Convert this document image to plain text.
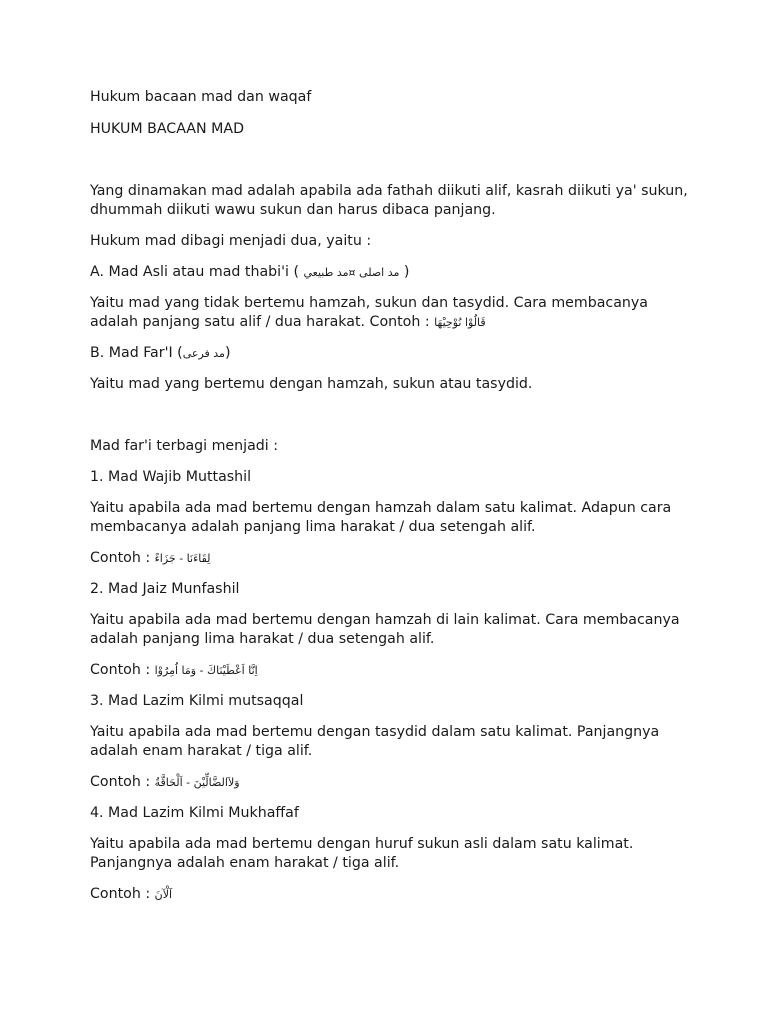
Hukum bacaan mad dan waqaf

HUKUM BACAAN MAD

Yang dinamakan mad adalah apabila ada fathah diikuti alif, kasrah diikuti ya' sukun,

dhummah diikuti wawu sukun dan harus dibaca panjang.

Hukum mad dibagi menjadi dua, yaitu :

A. Mad Asli atau mad thabi'i ( مد اصلى ¤مد طبيعي )

Yaitu mad yang tidak bertemu hamzah, sukun dan tasydid. Cara membacanya

adalah panjang satu alif / dua harakat. Contoh : قَالُوْا نُوْحِيْهَا

B. Mad Far'I (مد فرعى)

Yaitu mad yang bertemu dengan hamzah, sukun atau tasydid.

Mad far'i terbagi menjadi :

1. Mad Wajib Muttashil

Yaitu apabila ada mad bertemu dengan hamzah dalam satu kalimat. Adapun cara

membacanya adalah panjang lima harakat / dua setengah alif.

Contoh : لِقَاءَنَا - جَزَاءً

2. Mad Jaiz Munfashil

Yaitu apabila ada mad bertemu dengan hamzah di lain kalimat. Cara membacanya

adalah panjang lima harakat / dua setengah alif.

Contoh : اِنَّا اَعْطَيْنَاكَ - وَمَا اُمِرُوْا

3. Mad Lazim Kilmi mutsaqqal

Yaitu apabila ada mad bertemu dengan tasydid dalam satu kalimat. Panjangnya

adalah enam harakat / tiga alif.

Contoh : وَلاَالضَّالِّيْنَ - اَلْحَاقَّةُ

4. Mad Lazim Kilmi Mukhaffaf

Yaitu apabila ada mad bertemu dengan huruf sukun asli dalam satu kalimat.

Panjangnya adalah enam harakat / tiga alif.

Contoh : آلْآنَ
